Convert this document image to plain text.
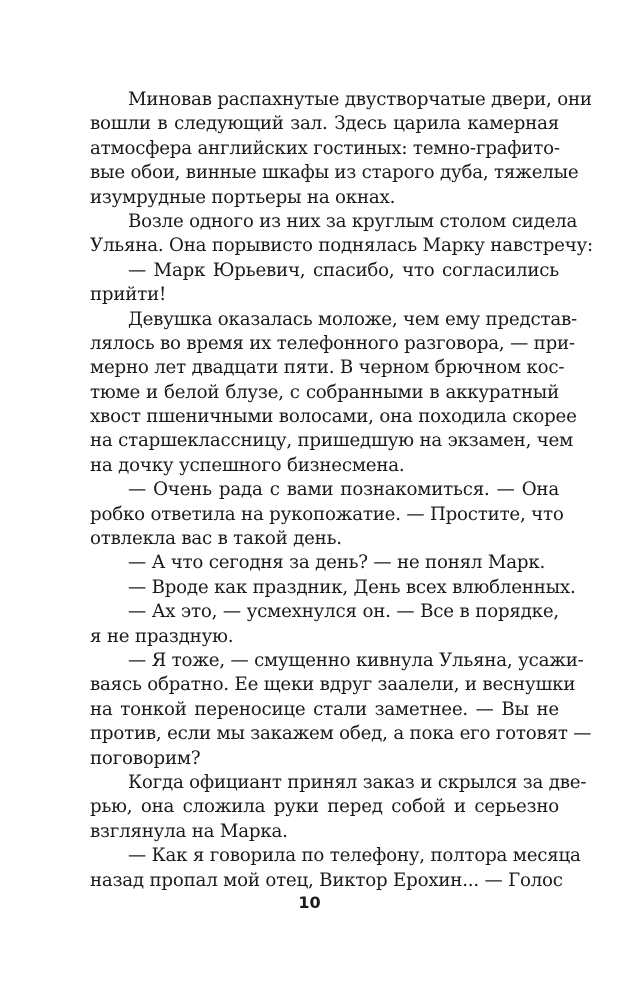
Миновав распахнутые двустворчатые двери, они
вошли в следующий зал. Здесь царила камерная
атмосфера английских гостиных: темно-графито-
вые обои, винные шкафы из старого дуба, тяжелые
изумрудные портьеры на окнах.
Возле одного из них за круглым столом сидела
Ульяна. Она порывисто поднялась Марку навстречу:
— Марк Юрьевич, спасибо, что согласились
прийти!
Девушка оказалась моложе, чем ему представ-
лялось во время их телефонного разговора, — при-
мерно лет двадцати пяти. В черном брючном кос-
тюме и белой блузе, с собранными в аккуратный
хвост пшеничными волосами, она походила скорее
на старшеклассницу, пришедшую на экзамен, чем
на дочку успешного бизнесмена.
— Очень рада с вами познакомиться. — Она
робко ответила на рукопожатие. — Простите, что
отвлекла вас в такой день.
— А что сегодня за день? — не понял Марк.
— Вроде как праздник, День всех влюбленных.
— Ах это, — усмехнулся он. — Все в порядке,
я не праздную.
— Я тоже, — смущенно кивнула Ульяна, усажи-
ваясь обратно. Ее щеки вдруг заалели, и веснушки
на тонкой переносице стали заметнее. — Вы не
против, если мы закажем обед, а пока его готовят —
поговорим?
Когда официант принял заказ и скрылся за две-
рью, она сложила руки перед собой и серьезно
взглянула на Марка.
— Как я говорила по телефону, полтора месяца
назад пропал мой отец, Виктор Ерохин... — Голос
10
